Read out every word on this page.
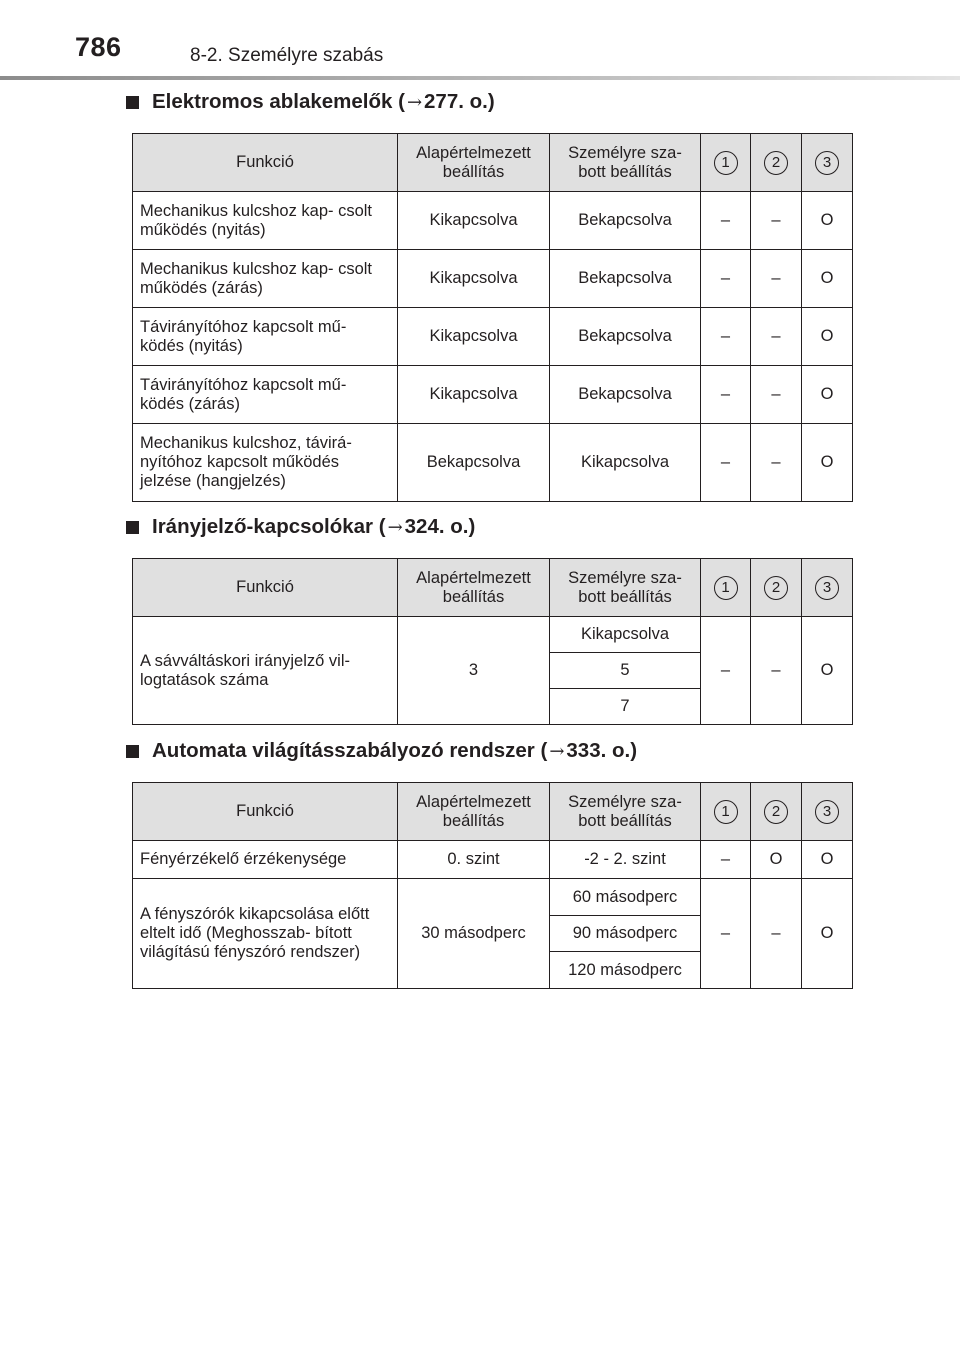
786	8-2. Személyre szabás
Elektromos ablakemelők ( → 277. o.)
Funkció	Alapértelmezett beállítás	Személyre sza- bott beállítás	1	2	3
Mechanikus kulcshoz kap- csolt működés (nyitás)	Kikapcsolva	Bekapcsolva	–	–	O
Mechanikus kulcshoz kap- csolt működés (zárás)	Kikapcsolva	Bekapcsolva	–	–	O
Távirányítóhoz kapcsolt mű- ködés (nyitás)	Kikapcsolva	Bekapcsolva	–	–	O
Távirányítóhoz kapcsolt mű- ködés (zárás)	Kikapcsolva	Bekapcsolva	–	–	O
Mechanikus kulcshoz, távirá- nyítóhoz kapcsolt működés jelzése (hangjelzés)	Bekapcsolva	Kikapcsolva	–	–	O
Irányjelző-kapcsolókar ( → 324. o.)
Funkció	Alapértelmezett beállítás	Személyre sza- bott beállítás	1	2	3
A sávváltáskori irányjelző vil- logtatások száma	3	Kikapcsolva	–	–	O
		5			
		7			
Automata világításszabályozó rendszer ( → 333. o.)
Funkció	Alapértelmezett beállítás	Személyre sza- bott beállítás	1	2	3
Fényérzékelő érzékenysége	0. szint	-2 - 2. szint	–	O	O
A fényszórók kikapcsolása előtt eltelt idő (Meghosszab- bított világítású fényszóró rendszer)	30 másodperc	60 másodperc	–	–	O
		90 másodperc			
		120 másodperc			
